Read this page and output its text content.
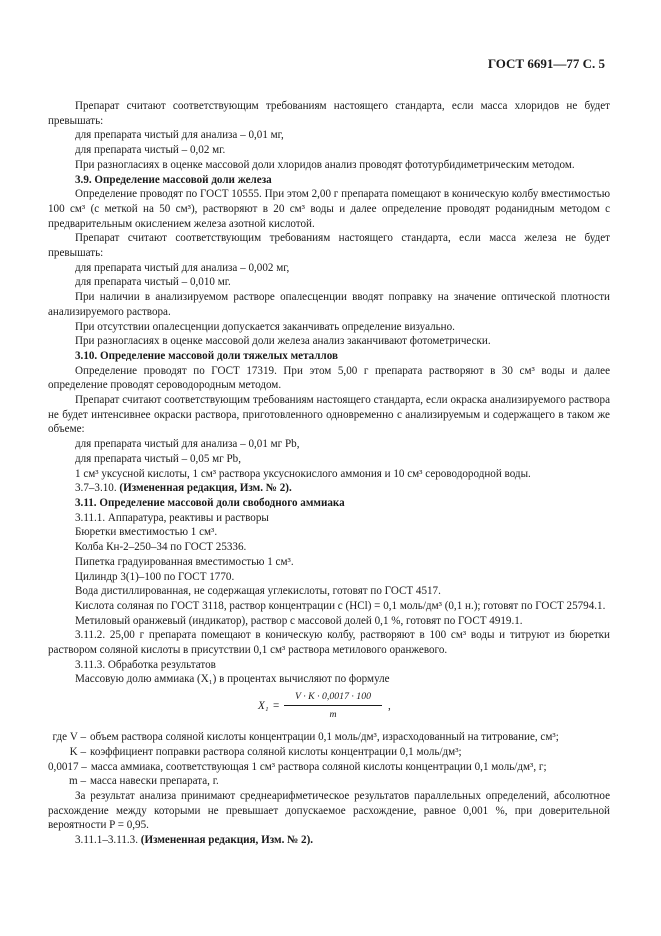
ГОСТ 6691—77 С. 5

Препарат считают соответствующим требованиям настоящего стандарта, если масса хлоридов не будет превышать:

для препарата чистый для анализа – 0,01 мг,

для препарата чистый – 0,02 мг.

При разногласиях в оценке массовой доли хлоридов анализ проводят фототурбидиметрическим методом.

3.9. Определение массовой доли железа

Определение проводят по ГОСТ 10555. При этом 2,00 г препарата помещают в коническую колбу вместимостью 100 см³ (с меткой на 50 см³), растворяют в 20 см³ воды и далее определение проводят роданидным методом с предварительным окислением железа азотной кислотой.

Препарат считают соответствующим требованиям настоящего стандарта, если масса железа не будет превышать:

для препарата чистый для анализа – 0,002 мг,

для препарата чистый – 0,010 мг.

При наличии в анализируемом растворе опалесценции вводят поправку на значение оптической плотности анализируемого раствора.

При отсутствии опалесценции допускается заканчивать определение визуально.

При разногласиях в оценке массовой доли железа анализ заканчивают фотометрически.

3.10. Определение массовой доли тяжелых металлов

Определение проводят по ГОСТ 17319. При этом 5,00 г препарата растворяют в 30 см³ воды и далее определение проводят сероводородным методом.

Препарат считают соответствующим требованиям настоящего стандарта, если окраска анализируемого раствора не будет интенсивнее окраски раствора, приготовленного одновременно с анализируемым и содержащего в таком же объеме:

для препарата чистый для анализа – 0,01 мг Pb,

для препарата чистый – 0,05 мг Pb,

1 см³ уксусной кислоты, 1 см³ раствора уксуснокислого аммония и 10 см³ сероводородной воды.

3.7–3.10. (Измененная редакция, Изм. № 2).

3.11. Определение массовой доли свободного аммиака

3.11.1. Аппаратура, реактивы и растворы

Бюретки вместимостью 1 см³.

Колба Кн-2–250–34 по ГОСТ 25336.

Пипетка градуированная вместимостью 1 см³.

Цилиндр 3(1)–100 по ГОСТ 1770.

Вода дистиллированная, не содержащая углекислоты, готовят по ГОСТ 4517.

Кислота соляная по ГОСТ 3118, раствор концентрации c (HCl) = 0,1 моль/дм³ (0,1 н.); готовят по ГОСТ 25794.1.

Метиловый оранжевый (индикатор), раствор с массовой долей 0,1 %, готовят по ГОСТ 4919.1.

3.11.2. 25,00 г препарата помещают в коническую колбу, растворяют в 100 см³ воды и титруют из бюретки раствором соляной кислоты в присутствии 0,1 см³ раствора метилового оранжевого.

3.11.3. Обработка результатов

Массовую долю аммиака (X₁) в процентах вычисляют по формуле

X₁ =
V · K · 0,0017 · 100
m
,
где V – объем раствора соляной кислоты концентрации 0,1 моль/дм³, израсходованный на титрование, см³;
K – коэффициент поправки раствора соляной кислоты концентрации 0,1 моль/дм³;
0,0017 – масса аммиака, соответствующая 1 см³ раствора соляной кислоты концентрации 0,1 моль/дм³, г;
m – масса навески препарата, г.

За результат анализа принимают среднеарифметическое результатов параллельных определений, абсолютное расхождение между которыми не превышает допускаемое расхождение, равное 0,001 %, при доверительной вероятности P = 0,95.

3.11.1–3.11.3. (Измененная редакция, Изм. № 2).
